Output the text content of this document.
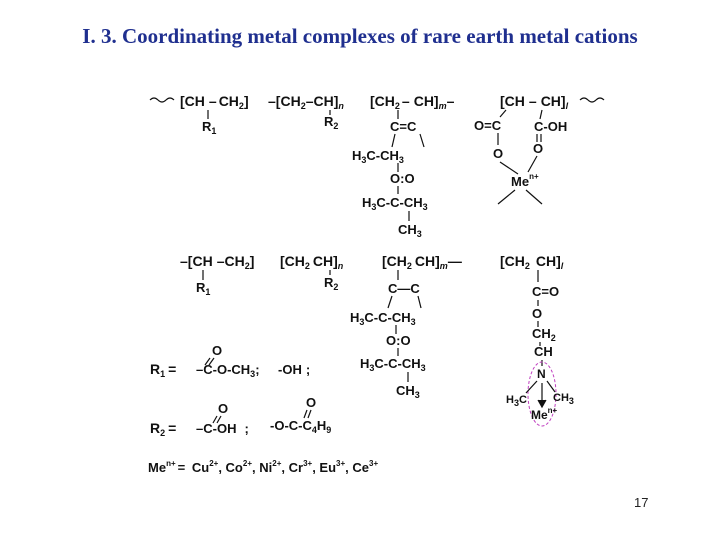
I. 3. Coordinating metal complexes of rare earth metal cations
$[CH - CH_2]$ $-[CH_2-CH]_n$ $[CH_2 - CH]_m-$	$[CH - CH]_l$
$R_1$
$R_2$	C=C
$H_3C-CH_3$
O:O
$H_3C-C-CH_3$
$CH_3$
O=C
O
C-OH
O
$Me^{n+}$
–[CH $-CH_2$] [$CH_2$ $CH]_n$	[$CH_2$ $CH]_m—$	[$CH_2$ $CH]_l$
$R_1$
$R_2$	C—C
$H_3C-C-CH_3$
O:O
$H_3C-C-CH_3$
$CH_3$
C=O
O
$CH_2$
CH
N
$H_3C$ $CH_3$
$Me^{n+}$
$R_1$ =
O
$-C-O-CH_3$; -OH ;
$R_2$ =
O
–C-OH ;
O
$-O-C-C_4H_9$
$Me^{n+} = Cu^{2+}$, $Co^{2+}$, $Ni^{2+}$, $Cr^{3+}$, $Eu^{3+}$, $Ce^{3+}$
17
